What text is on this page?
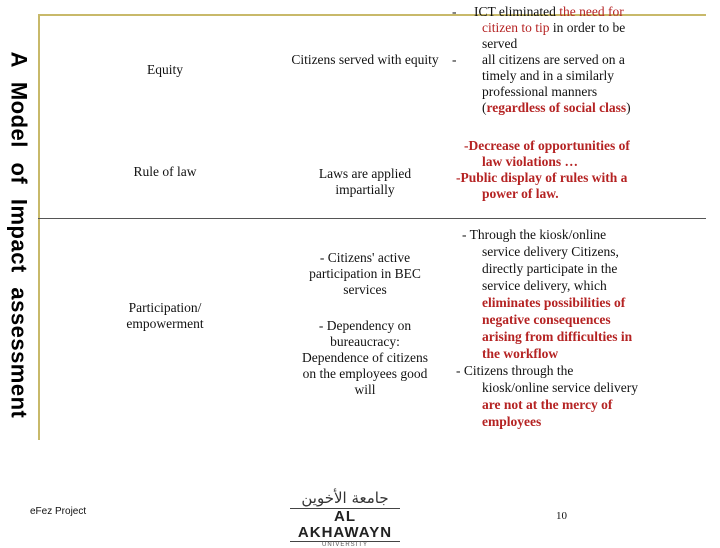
A Model of Impact assessment	Equity
Citizens served with equity
- ICT eliminated the need for
citizen to tip in order to be
served
- all citizens are served on a
timely and in a similarly
professional manners
(regardless of social class)
Rule of law	Laws are applied
impartially
-Decrease of opportunities of
law violations …
-Public display of rules with a
power of law.
Participation/
empowerment
- Citizens' active
participation in BEC
services
- Dependency on
bureaucracy:
Dependence of citizens
on the employees good
will
- Through the kiosk/online
service delivery Citizens,
directly participate in the
service delivery, which
eliminates possibilities of
negative consequences
arising from difficulties in
the workflow
- Citizens through the
kiosk/online service delivery
are not at the mercy of
employees
eFez Project
جامعة الأخوين
AL AKHAWAYN
UNIVERSITY
10
